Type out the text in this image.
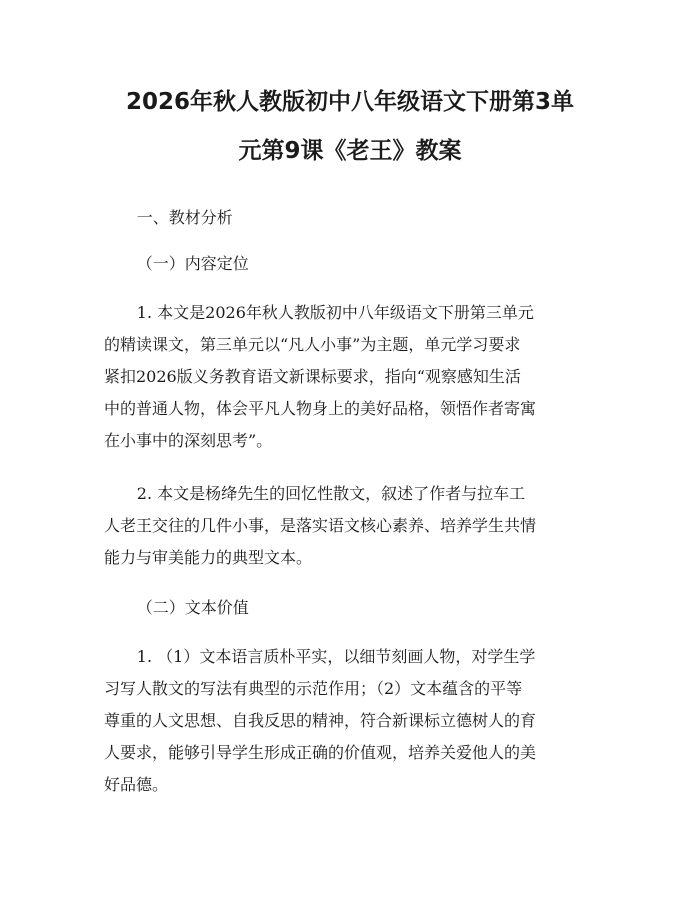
2026年秋人教版初中八年级语文下册第3单
元第9课《老王》教案
一、教材分析
（一）内容定位
1. 本文是2026年秋人教版初中八年级语文下册第三单元
的精读课文，第三单元以“凡人小事”为主题，单元学习要求
紧扣2026版义务教育语文新课标要求，指向“观察感知生活
中的普通人物，体会平凡人物身上的美好品格，领悟作者寄寓
在小事中的深刻思考”。
2. 本文是杨绛先生的回忆性散文，叙述了作者与拉车工
人老王交往的几件小事，是落实语文核心素养、培养学生共情
能力与审美能力的典型文本。
（二）文本价值
1. （1）文本语言质朴平实，以细节刻画人物，对学生学
习写人散文的写法有典型的示范作用；（2）文本蕴含的平等
尊重的人文思想、自我反思的精神，符合新课标立德树人的育
人要求，能够引导学生形成正确的价值观，培养关爱他人的美
好品德。
